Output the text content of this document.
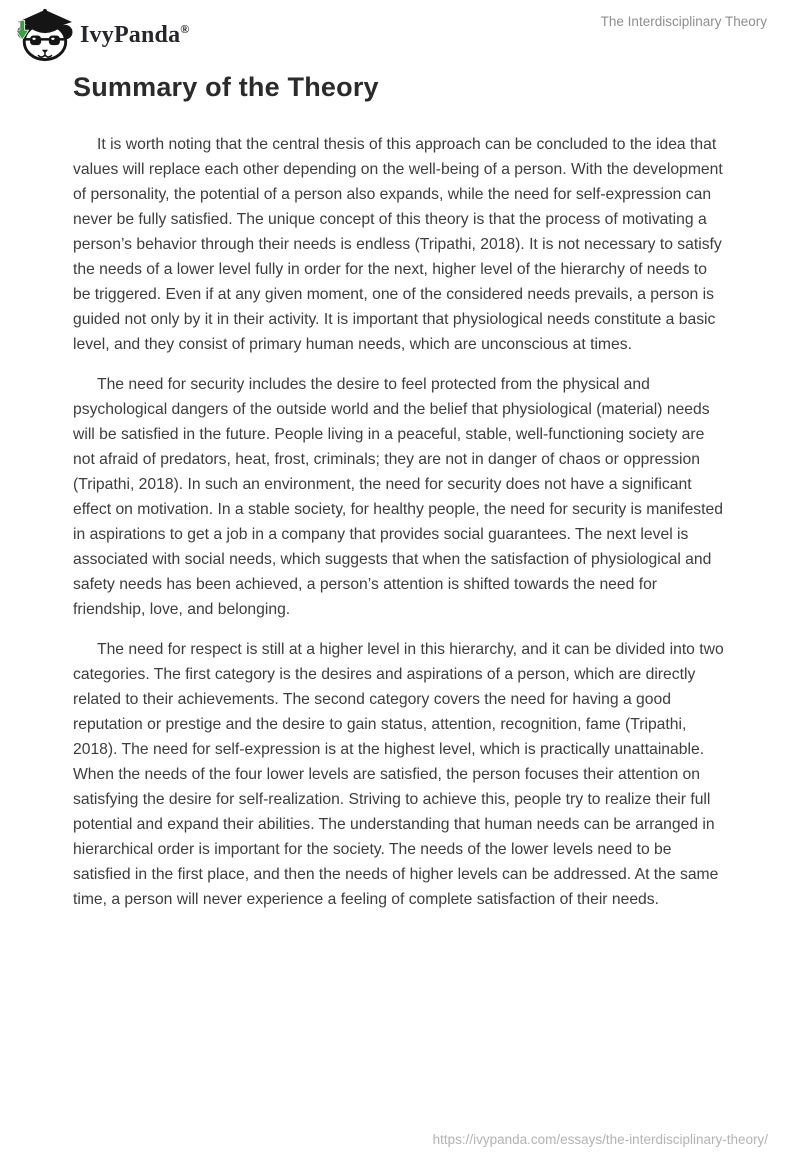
IvyPanda®	The Interdisciplinary Theory
Summary of the Theory

It is worth noting that the central thesis of this approach can be concluded to the idea that values will replace each other depending on the well-being of a person. With the development of personality, the potential of a person also expands, while the need for self-expression can never be fully satisfied. The unique concept of this theory is that the process of motivating a person’s behavior through their needs is endless (Tripathi, 2018). It is not necessary to satisfy the needs of a lower level fully in order for the next, higher level of the hierarchy of needs to be triggered. Even if at any given moment, one of the considered needs prevails, a person is guided not only by it in their activity. It is important that physiological needs constitute a basic level, and they consist of primary human needs, which are unconscious at times.

The need for security includes the desire to feel protected from the physical and psychological dangers of the outside world and the belief that physiological (material) needs will be satisfied in the future. People living in a peaceful, stable, well-functioning society are not afraid of predators, heat, frost, criminals; they are not in danger of chaos or oppression (Tripathi, 2018). In such an environment, the need for security does not have a significant effect on motivation. In a stable society, for healthy people, the need for security is manifested in aspirations to get a job in a company that provides social guarantees. The next level is associated with social needs, which suggests that when the satisfaction of physiological and safety needs has been achieved, a person’s attention is shifted towards the need for friendship, love, and belonging.

The need for respect is still at a higher level in this hierarchy, and it can be divided into two categories. The first category is the desires and aspirations of a person, which are directly related to their achievements. The second category covers the need for having a good reputation or prestige and the desire to gain status, attention, recognition, fame (Tripathi, 2018). The need for self-expression is at the highest level, which is practically unattainable. When the needs of the four lower levels are satisfied, the person focuses their attention on satisfying the desire for self-realization. Striving to achieve this, people try to realize their full potential and expand their abilities. The understanding that human needs can be arranged in hierarchical order is important for the society. The needs of the lower levels need to be satisfied in the first place, and then the needs of higher levels can be addressed. At the same time, a person will never experience a feeling of complete satisfaction of their needs.

https://ivypanda.com/essays/the-interdisciplinary-theory/
